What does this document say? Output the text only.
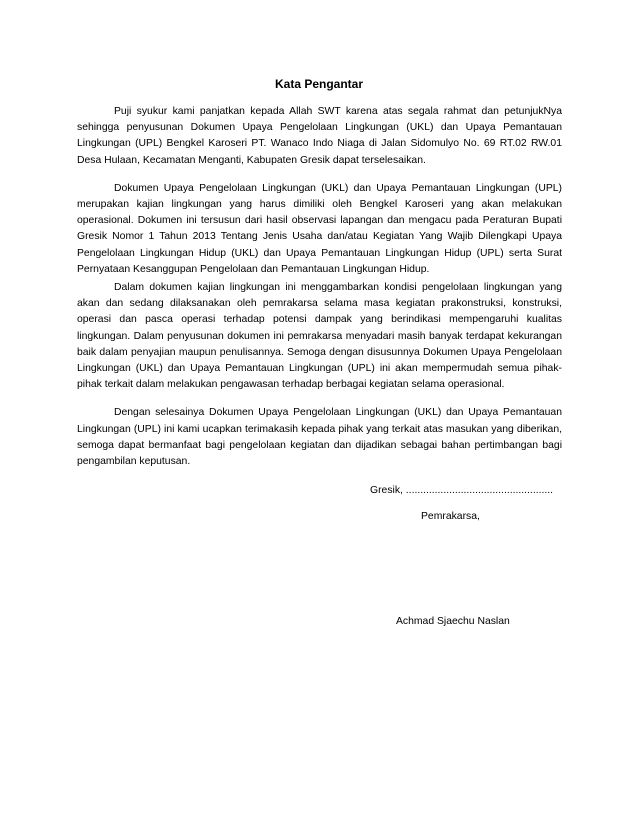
Kata Pengantar

Puji syukur kami panjatkan kepada Allah SWT karena atas segala rahmat dan petunjukNya sehingga penyusunan Dokumen Upaya Pengelolaan Lingkungan (UKL) dan Upaya Pemantauan Lingkungan (UPL) Bengkel Karoseri PT. Wanaco Indo Niaga di Jalan Sidomulyo No. 69 RT.02 RW.01 Desa Hulaan, Kecamatan Menganti, Kabupaten Gresik dapat terselesaikan.

Dokumen Upaya Pengelolaan Lingkungan (UKL) dan Upaya Pemantauan Lingkungan (UPL) merupakan kajian lingkungan yang harus dimiliki oleh Bengkel Karoseri yang akan melakukan operasional. Dokumen ini tersusun dari hasil observasi lapangan dan mengacu pada Peraturan Bupati Gresik Nomor 1 Tahun 2013 Tentang Jenis Usaha dan/atau Kegiatan Yang Wajib Dilengkapi Upaya Pengelolaan Lingkungan Hidup (UKL) dan Upaya Pemantauan Lingkungan Hidup (UPL) serta Surat Pernyataan Kesanggupan Pengelolaan dan Pemantauan Lingkungan Hidup.

Dalam dokumen kajian lingkungan ini menggambarkan kondisi pengelolaan lingkungan yang akan dan sedang dilaksanakan oleh pemrakarsa selama masa kegiatan prakonstruksi, konstruksi, operasi dan pasca operasi terhadap potensi dampak yang berindikasi mempengaruhi kualitas lingkungan. Dalam penyusunan dokumen ini pemrakarsa menyadari masih banyak terdapat kekurangan baik dalam penyajian maupun penulisannya. Semoga dengan disusunnya Dokumen Upaya Pengelolaan Lingkungan (UKL) dan Upaya Pemantauan Lingkungan (UPL) ini akan mempermudah semua pihak-pihak terkait dalam melakukan pengawasan terhadap berbagai kegiatan selama operasional.

Dengan selesainya Dokumen Upaya Pengelolaan Lingkungan (UKL) dan Upaya Pemantauan Lingkungan (UPL) ini kami ucapkan terimakasih kepada pihak yang terkait atas masukan yang diberikan, semoga dapat bermanfaat bagi pengelolaan kegiatan dan dijadikan sebagai bahan pertimbangan bagi pengambilan keputusan.

Gresik, ...................................................
Pemrakarsa,
Achmad Sjaechu Naslan
